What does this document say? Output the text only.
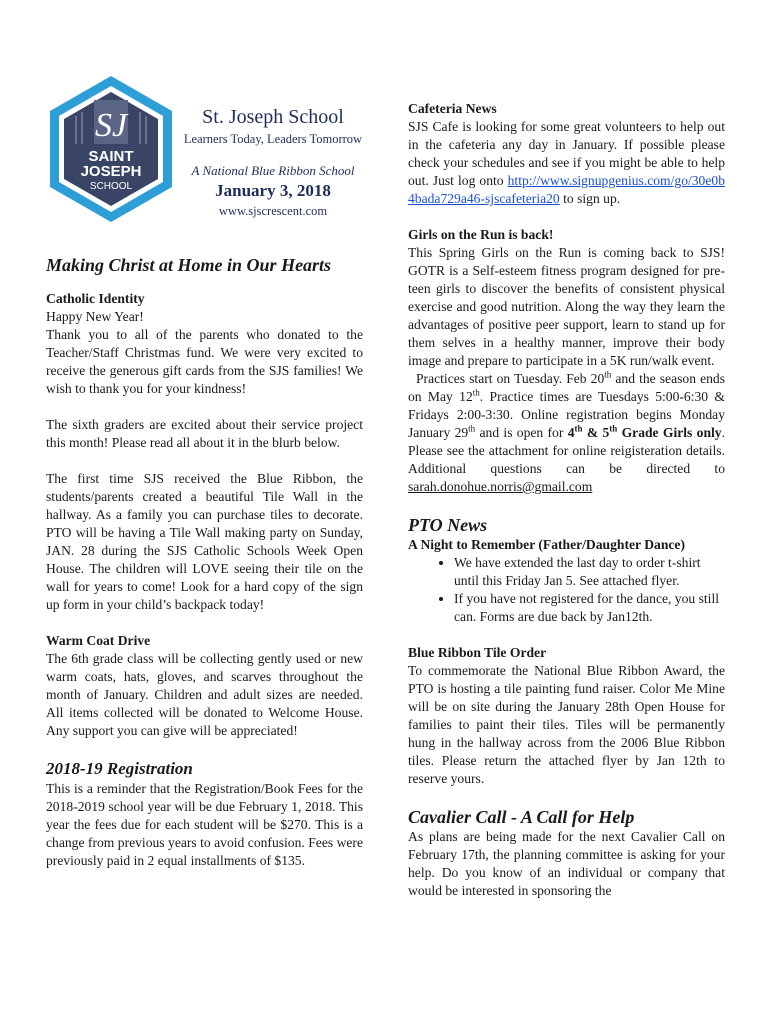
SJ
SAINT
JOSEPH
SCHOOL
St. Joseph School
Learners Today, Leaders Tomorrow
A National Blue Ribbon School
January 3, 2018
www.sjscrescent.com
Making Christ at Home in Our Hearts
Catholic Identity

Happy New Year!

Thank you to all of the parents who donated to the Teacher/Staff Christmas fund. We were very excited to receive the generous gift cards from the SJS families! We wish to thank you for your kindness!

The sixth graders are excited about their service project this month! Please read all about it in the blurb below.

The first time SJS received the Blue Ribbon, the students/parents created a beautiful Tile Wall in the hallway. As a family you can purchase tiles to decorate. PTO will be having a Tile Wall making party on Sunday, JAN. 28 during the SJS Catholic Schools Week Open House. The children will LOVE seeing their tile on the wall for years to come! Look for a hard copy of the sign up form in your child’s backpack today!

Warm Coat Drive

The 6th grade class will be collecting gently used or new warm coats, hats, gloves, and scarves throughout the month of January. Children and adult sizes are needed. All items collected will be donated to Welcome House. Any support you can give will be appreciated!

2018-19 Registration

This is a reminder that the Registration/Book Fees for the 2018-2019 school year will be due February 1, 2018. This year the fees due for each student will be $270. This is a change from previous years to avoid confusion. Fees were previously paid in 2 equal installments of $135.

Cafeteria News

SJS Cafe is looking for some great volunteers to help out in the cafeteria any day in January. If possible please check your schedules and see if you might be able to help out. Just log onto http://www.signupgenius.com/go/30e0b4bada729a46-sjscafeteria20 to sign up.

Girls on the Run is back!

This Spring Girls on the Run is coming back to SJS! GOTR is a Self-esteem fitness program designed for pre-teen girls to discover the benefits of consistent physical exercise and good nutrition. Along the way they learn the advantages of positive peer support, learn to stand up for them selves in a healthy manner, improve their body image and prepare to participate in a 5K run/walk event.

Practices start on Tuesday. Feb 20th and the season ends on May 12th. Practice times are Tuesdays 5:00-6:30 & Fridays 2:00-3:30. Online registration begins Monday January 29th and is open for 4th & 5th Grade Girls only. Please see the attachment for online reigisteration details. Additional questions can be directed to sarah.donohue.norris@gmail.com

PTO News
A Night to Remember (Father/Daughter Dance)
• We have extended the last day to order t-shirt until this Friday Jan 5. See attached flyer.
• If you have not registered for the dance, you still can. Forms are due back by Jan12th.
Blue Ribbon Tile Order

To commemorate the National Blue Ribbon Award, the PTO is hosting a tile painting fund raiser. Color Me Mine will be on site during the January 28th Open House for families to paint their tiles. Tiles will be permanently hung in the hallway across from the 2006 Blue Ribbon tiles. Please return the attached flyer by Jan 12th to reserve yours.

Cavalier Call - A Call for Help

As plans are being made for the next Cavalier Call on February 17th, the planning committee is asking for your help. Do you know of an individual or company that would be interested in sponsoring the
